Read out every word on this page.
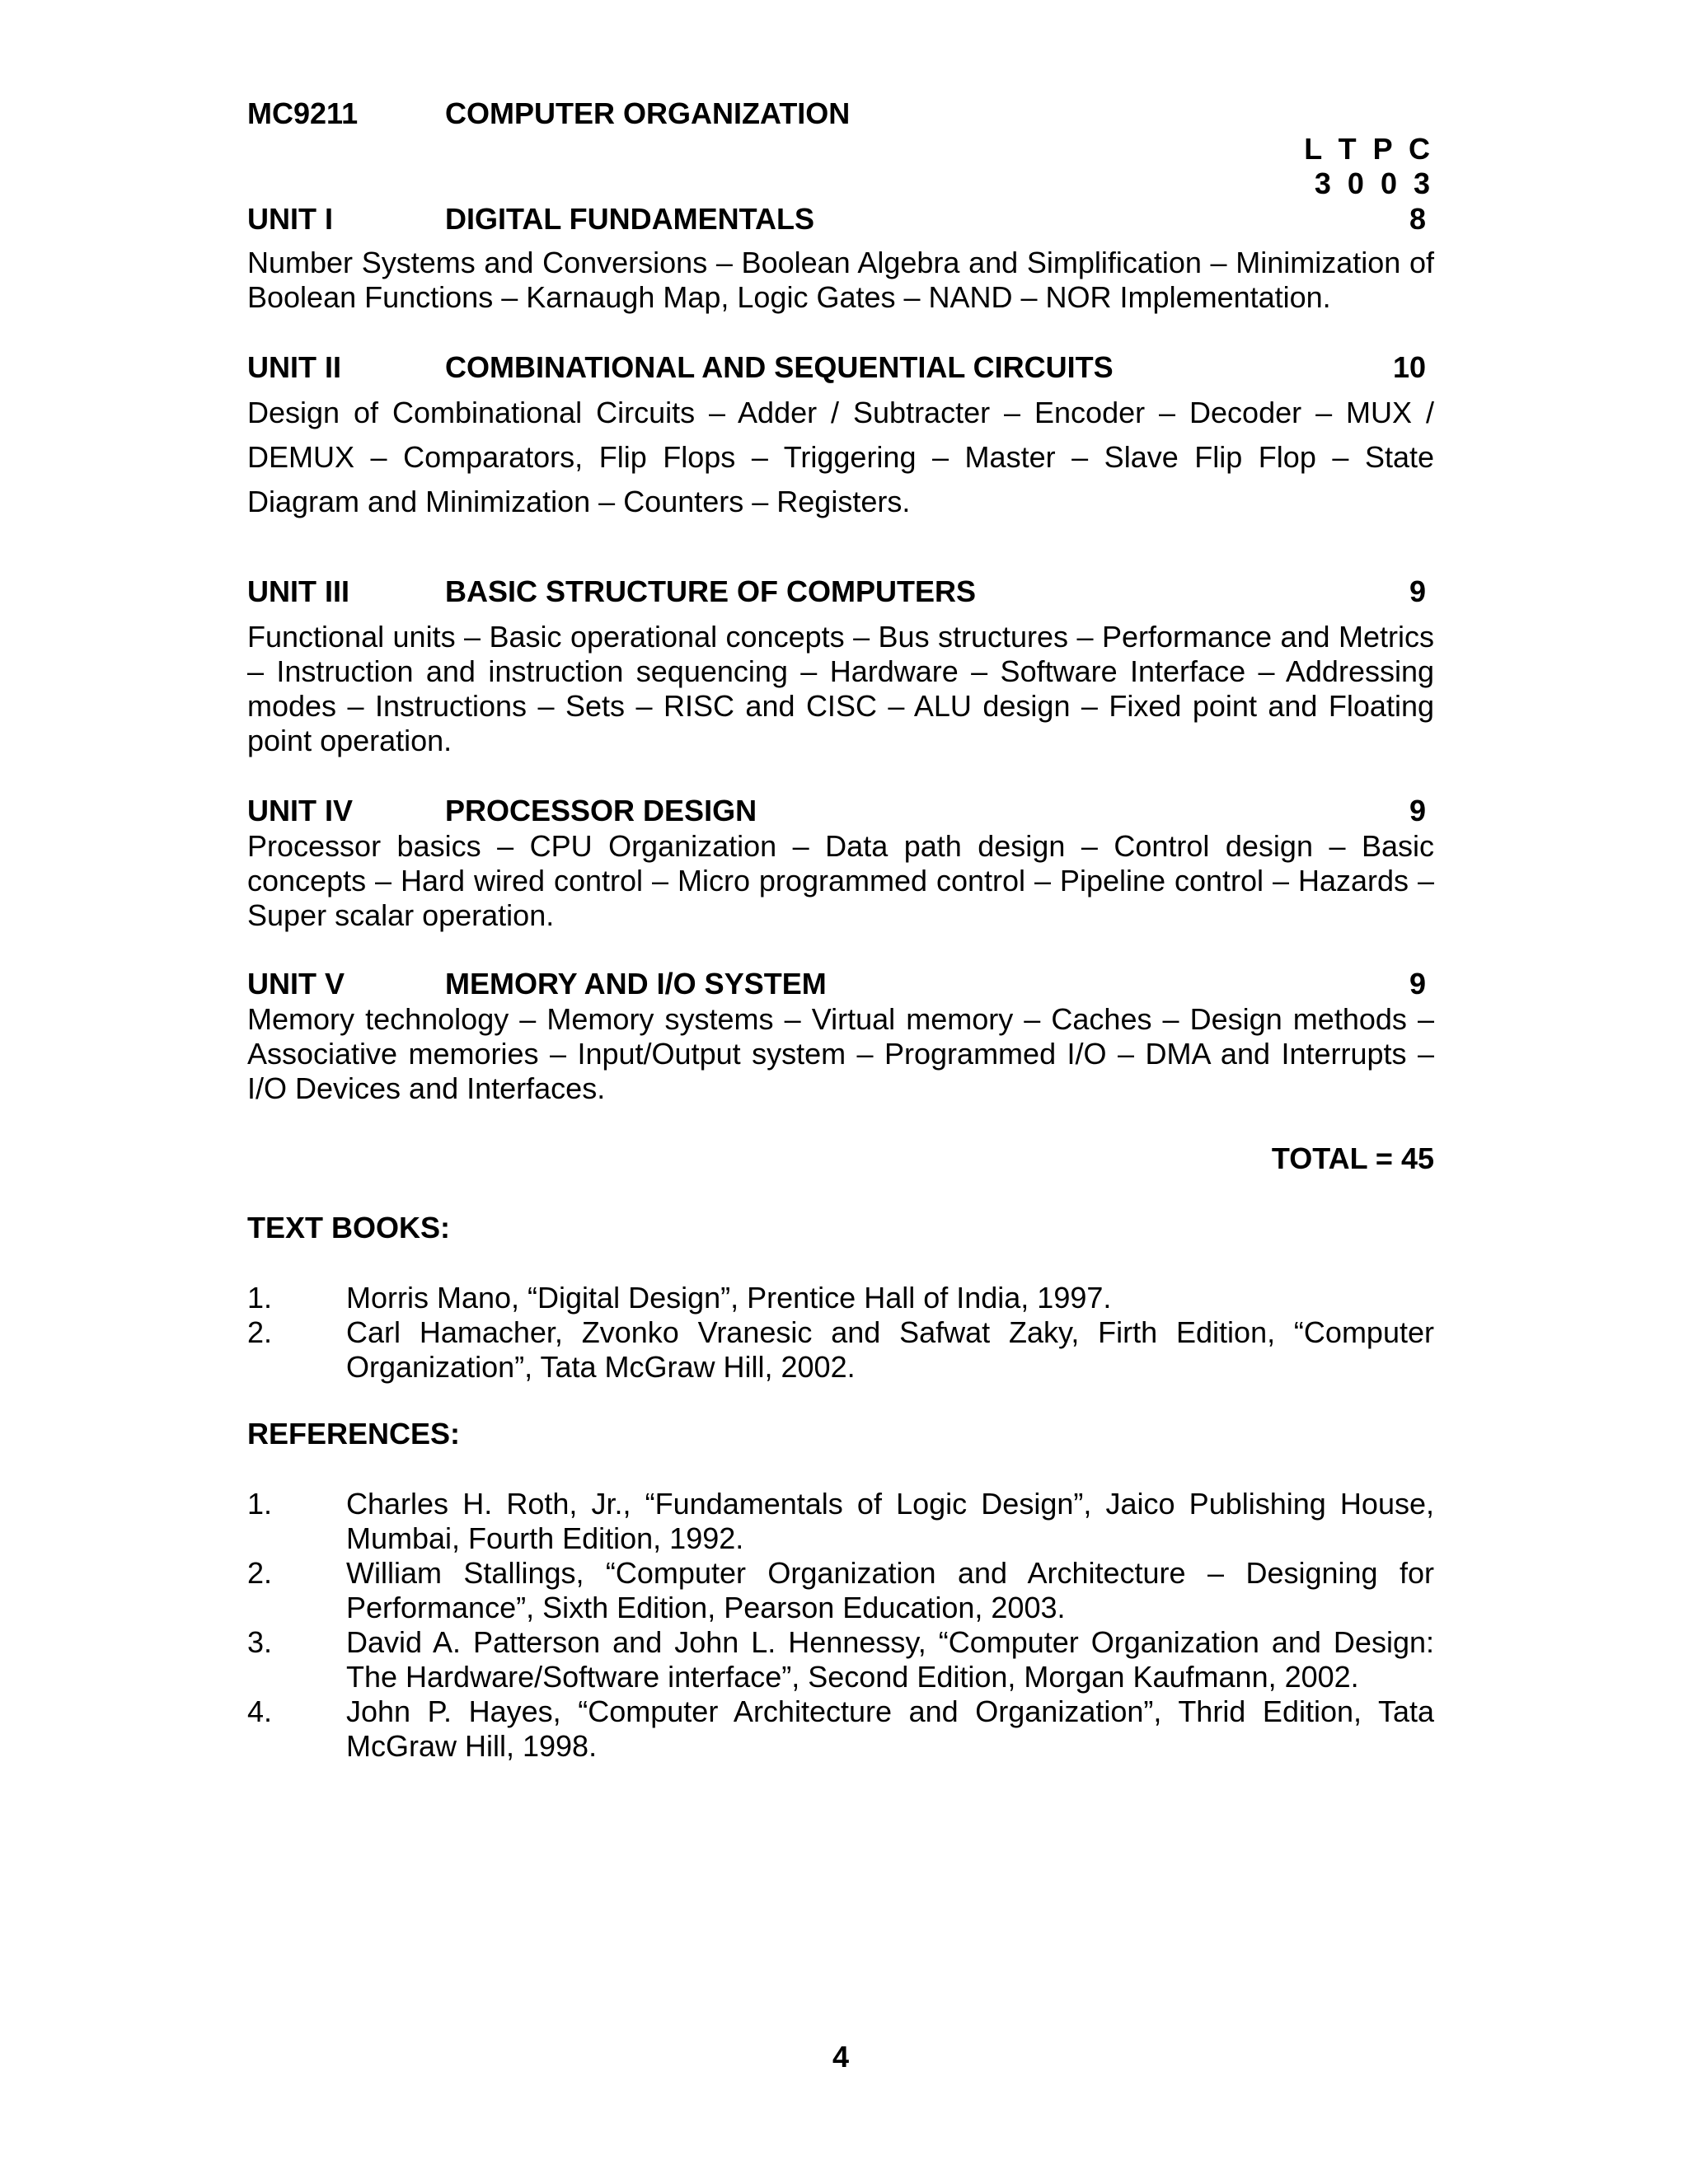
MC9211	COMPUTER ORGANIZATION
L T P C
3 0 0 3
UNIT I	DIGITAL FUNDAMENTALS	8
Number Systems and Conversions – Boolean Algebra and Simplification – Minimization of Boolean Functions – Karnaugh Map, Logic Gates – NAND – NOR Implementation.
UNIT II	COMBINATIONAL AND SEQUENTIAL CIRCUITS	10
Design of Combinational Circuits – Adder / Subtracter – Encoder – Decoder – MUX / DEMUX – Comparators, Flip Flops – Triggering – Master – Slave Flip Flop – State Diagram and Minimization – Counters – Registers.
UNIT III	BASIC STRUCTURE OF COMPUTERS	9
Functional units – Basic operational concepts – Bus structures – Performance and Metrics – Instruction and instruction sequencing – Hardware – Software Interface – Addressing modes – Instructions – Sets – RISC and CISC – ALU design – Fixed point and Floating point operation.
UNIT IV	PROCESSOR DESIGN	9
Processor basics – CPU Organization – Data path design – Control design – Basic concepts – Hard wired control – Micro programmed control – Pipeline control – Hazards – Super scalar operation.
UNIT V	MEMORY AND I/O SYSTEM	9
Memory technology – Memory systems – Virtual memory – Caches – Design methods – Associative memories – Input/Output system – Programmed I/O – DMA and Interrupts – I/O Devices and Interfaces.
TOTAL = 45
TEXT BOOKS:
1. Morris Mano, “Digital Design”, Prentice Hall of India, 1997.
2. Carl Hamacher, Zvonko Vranesic and Safwat Zaky, Firth Edition, “Computer Organization”, Tata McGraw Hill, 2002.
REFERENCES:
1. Charles H. Roth, Jr., “Fundamentals of Logic Design”, Jaico Publishing House, Mumbai, Fourth Edition, 1992.
2. William Stallings, “Computer Organization and Architecture – Designing for Performance”, Sixth Edition, Pearson Education, 2003.
3. David A. Patterson and John L. Hennessy, “Computer Organization and Design: The Hardware/Software interface”, Second Edition, Morgan Kaufmann, 2002.
4. John P. Hayes, “Computer Architecture and Organization”, Thrid Edition, Tata McGraw Hill, 1998.
4
